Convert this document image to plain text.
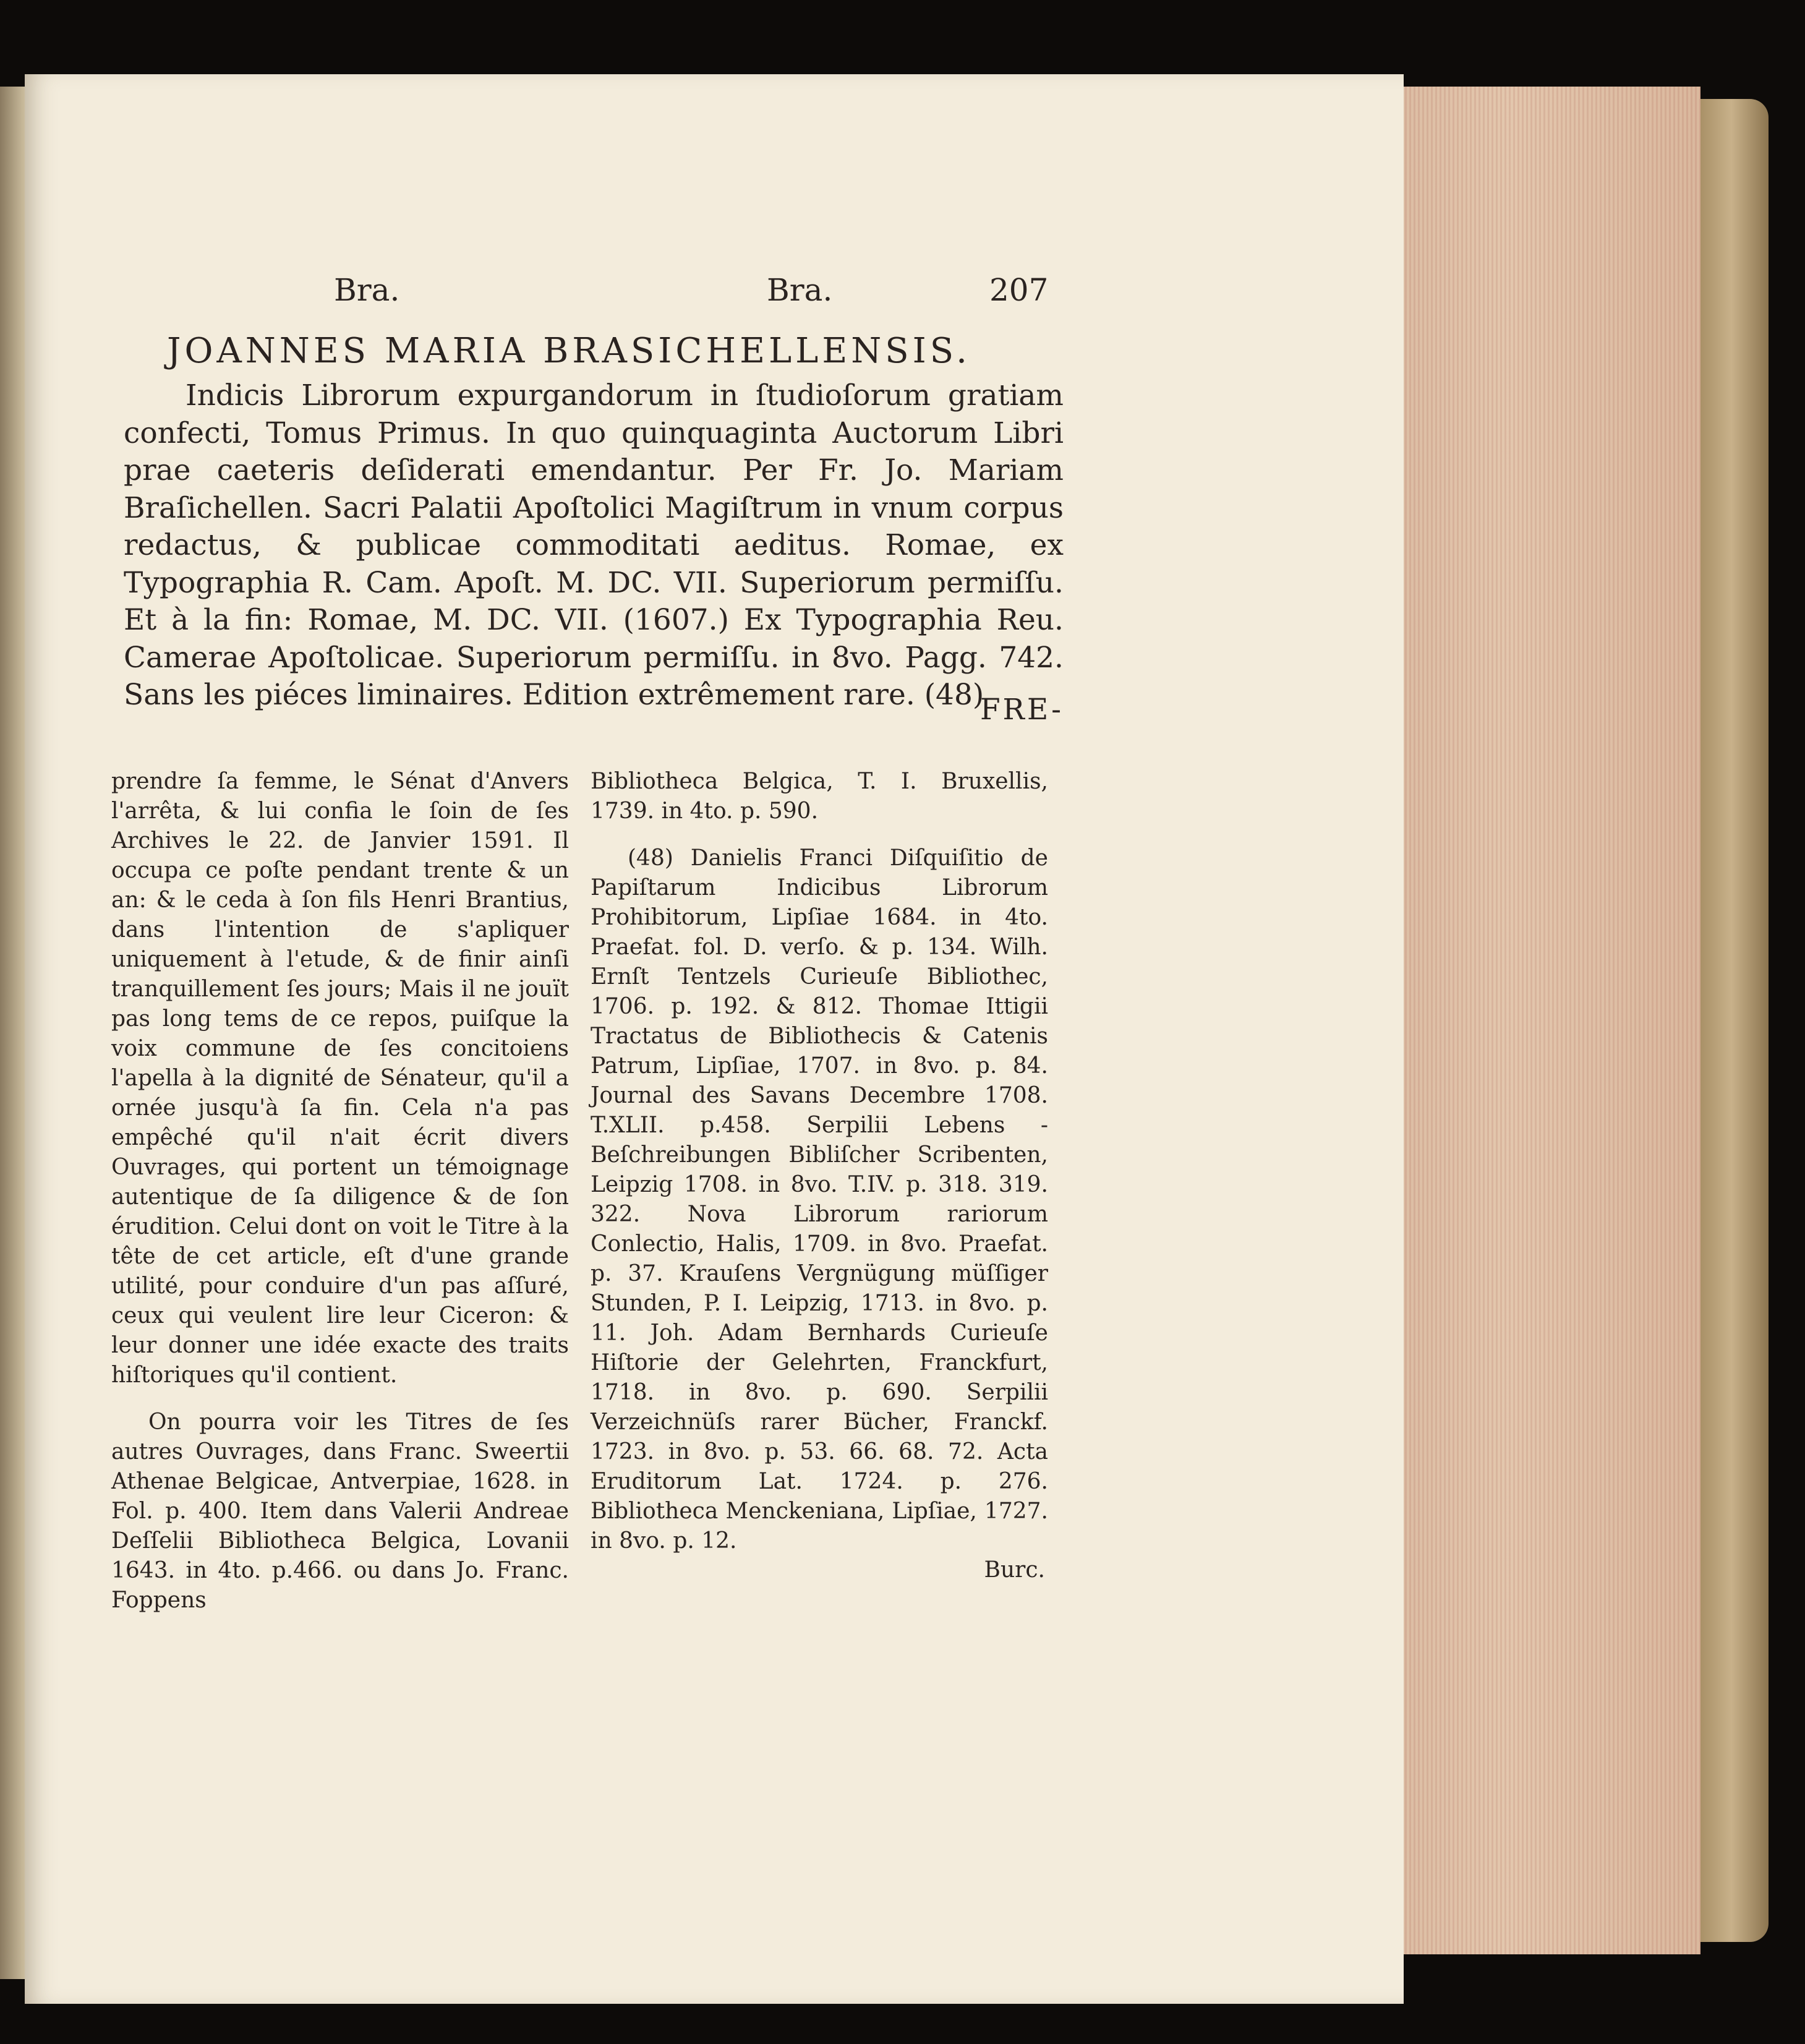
Bra.	Bra.	207
JOANNES MARIA BRASICHELLENSIS.

Indicis Librorum expurgandorum in ſtudioſorum gratiam confecti, Tomus Primus. In quo quinquaginta Auctorum Libri prae caeteris deſiderati emendantur. Per Fr. Jo. Mariam Braſichellen. Sacri Palatii Apoſtolici Magiſtrum in vnum corpus redactus, & publicae commoditati aeditus. Romae, ex Typographia R. Cam. Apoſt. M. DC. VII. Superiorum permiſſu. Et à la fin: Romae, M. DC. VII. (1607.) Ex Typographia Reu. Camerae Apoſtolicae. Superiorum permiſſu. in 8vo. Pagg. 742. Sans les piéces liminaires. Edition extrêmement rare. (48)

FRE-

prendre ſa femme, le Sénat d'Anvers l'arrêta, & lui confia le ſoin de ſes Archives le 22. de Janvier 1591. Il occupa ce poſte pendant trente & un an: & le ceda à ſon fils Henri Brantius, dans l'intention de s'apliquer uniquement à l'etude, & de finir ainſi tranquillement ſes jours; Mais il ne jouït pas long tems de ce repos, puiſque la voix commune de ſes concitoiens l'apella à la dignité de Sénateur, qu'il a ornée jusqu'à ſa fin. Cela n'a pas empêché qu'il n'ait écrit divers Ouvrages, qui portent un témoignage autentique de ſa diligence & de ſon érudition. Celui dont on voit le Titre à la tête de cet article, eſt d'une grande utilité, pour conduire d'un pas aſſuré, ceux qui veulent lire leur Ciceron: & leur donner une idée exacte des traits hiſtoriques qu'il contient.

On pourra voir les Titres de ſes autres Ouvrages, dans Franc. Sweertii Athenae Belgicae, Antverpiae, 1628. in Fol. p. 400. Item dans Valerii Andreae Deſſelii Bibliotheca Belgica, Lovanii 1643. in 4to. p.466. ou dans Jo. Franc. Foppens

Bibliotheca Belgica, T. I. Bruxellis, 1739. in 4to. p. 590.

(48) Danielis Franci Diſquiſitio de Papiſtarum Indicibus Librorum Prohibitorum, Lipſiae 1684. in 4to. Praefat. fol. D. verſo. & p. 134. Wilh. Ernſt Tentzels Curieuſe Bibliothec, 1706. p. 192. & 812. Thomae Ittigii Tractatus de Bibliothecis & Catenis Patrum, Lipſiae, 1707. in 8vo. p. 84. Journal des Savans Decembre 1708. T.XLII. p.458. Serpilii Lebens - Beſchreibungen Bibliſcher Scribenten, Leipzig 1708. in 8vo. T.IV. p. 318. 319. 322. Nova Librorum rariorum Conlectio, Halis, 1709. in 8vo. Praefat. p. 37. Krauſens Vergnügung müſſiger Stunden, P. I. Leipzig, 1713. in 8vo. p. 11. Joh. Adam Bernhards Curieuſe Hiſtorie der Gelehrten, Franckfurt, 1718. in 8vo. p. 690. Serpilii Verzeichnüſs rarer Bücher, Franckf. 1723. in 8vo. p. 53. 66. 68. 72. Acta Eruditorum Lat. 1724. p. 276. Bibliotheca Menckeniana, Lipſiae, 1727. in 8vo. p. 12.

Burc.
